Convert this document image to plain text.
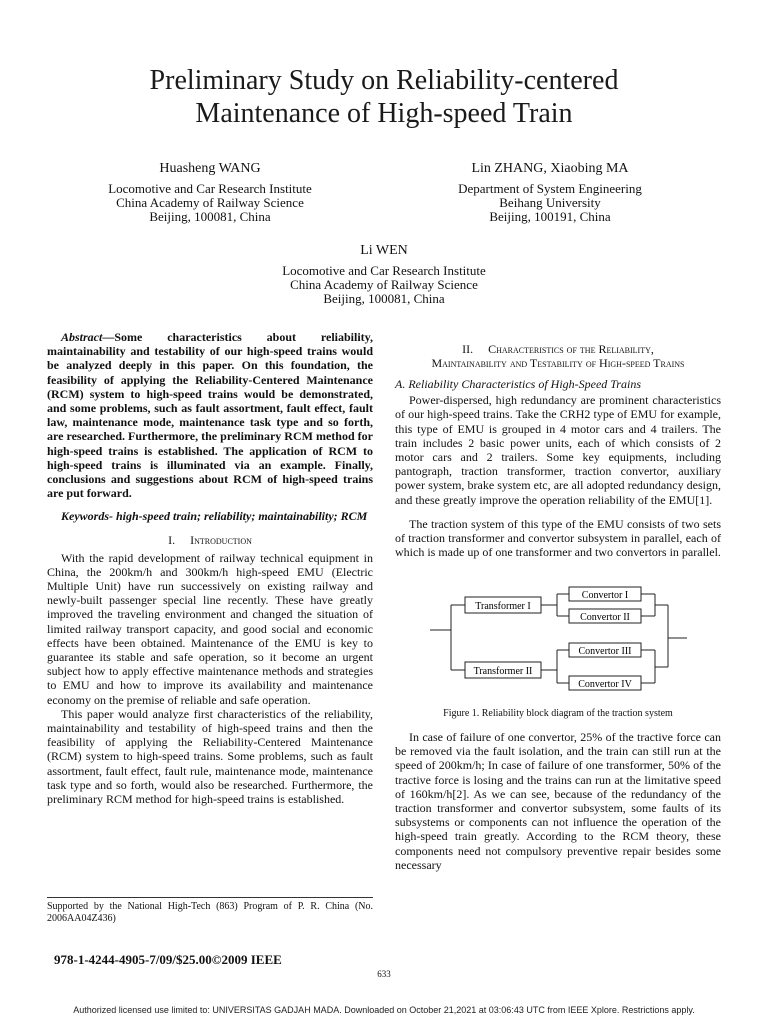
Preliminary Study on Reliability-centered
Maintenance of High-speed Train
Huasheng WANG
Locomotive and Car Research Institute
China Academy of Railway Science
Beijing, 100081, China
Lin ZHANG, Xiaobing MA
Department of System Engineering
Beihang University
Beijing, 100191, China
Li WEN
Locomotive and Car Research Institute
China Academy of Railway Science
Beijing, 100081, China

Abstract—Some characteristics about reliability, maintainability and testability of our high-speed trains would be analyzed deeply in this paper. On this foundation, the feasibility of applying the Reliability-Centered Maintenance (RCM) system to high-speed trains would be demonstrated, and some problems, such as fault assortment, fault effect, fault law, maintenance mode, maintenance task type and so forth, are researched. Furthermore, the preliminary RCM method for high-speed trains is established. The application of RCM to high-speed trains is illuminated via an example. Finally, conclusions and suggestions about RCM of high-speed trains are put forward.

Keywords- high-speed train; reliability; maintainability; RCM

I. Introduction

With the rapid development of railway technical equipment in China, the 200km/h and 300km/h high-speed EMU (Electric Multiple Unit) have run successively on existing railway and newly-built passenger special line recently. These have greatly improved the traveling environment and changed the situation of limited railway transport capacity, and good social and economic effects have been obtained. Maintenance of the EMU is key to guarantee its stable and safe operation, so it become an urgent subject how to apply effective maintenance methods and strategies to EMU and how to improve its availability and maintenance economy on the premise of reliable and safe operation.

This paper would analyze first characteristics of the reliability, maintainability and testability of high-speed trains and then the feasibility of applying the Reliability-Centered Maintenance (RCM) system to high-speed trains. Some problems, such as fault assortment, fault effect, fault rule, maintenance mode, maintenance task type and so forth, would also be researched. Furthermore, the preliminary RCM method for high-speed trains is established.

Supported by the National High-Tech (863) Program of P. R. China (No. 2006AA04Z436)
978-1-4244-4905-7/09/$25.00©2009 IEEE
633

II. Characteristics of the Reliability,
Maintainability and Testability of High-speed Trains

A. Reliability Characteristics of High-Speed Trains

Power-dispersed, high redundancy are prominent characteristics of our high-speed trains. Take the CRH2 type of EMU for example, this type of EMU is grouped in 4 motor cars and 4 trailers. The train includes 2 basic power units, each of which consists of 2 motor cars and 2 trailers. Some key equipments, including pantograph, traction transformer, traction convertor, auxiliary power system, brake system etc, are all adopted redundancy design, and these greatly improve the operation reliability of the EMU[1].

The traction system of this type of the EMU consists of two sets of traction transformer and convertor subsystem in parallel, each of which is made up of one transformer and two convertors in parallel.

Transformer I
Transformer II
Convertor I
Convertor II
Convertor III
Convertor IV
Figure 1. Reliability block diagram of the traction system

In case of failure of one convertor, 25% of the tractive force can be removed via the fault isolation, and the train can still run at the speed of 200km/h; In case of failure of one transformer, 50% of the tractive force is losing and the trains can run at the limitative speed of 160km/h[2]. As we can see, because of the redundancy of the traction transformer and convertor subsystem, some faults of its subsystems or components can not influence the operation of the high-speed train greatly. According to the RCM theory, these components need not compulsory preventive repair besides some necessary

Authorized licensed use limited to: UNIVERSITAS GADJAH MADA. Downloaded on October 21,2021 at 03:06:43 UTC from IEEE Xplore. Restrictions apply.
